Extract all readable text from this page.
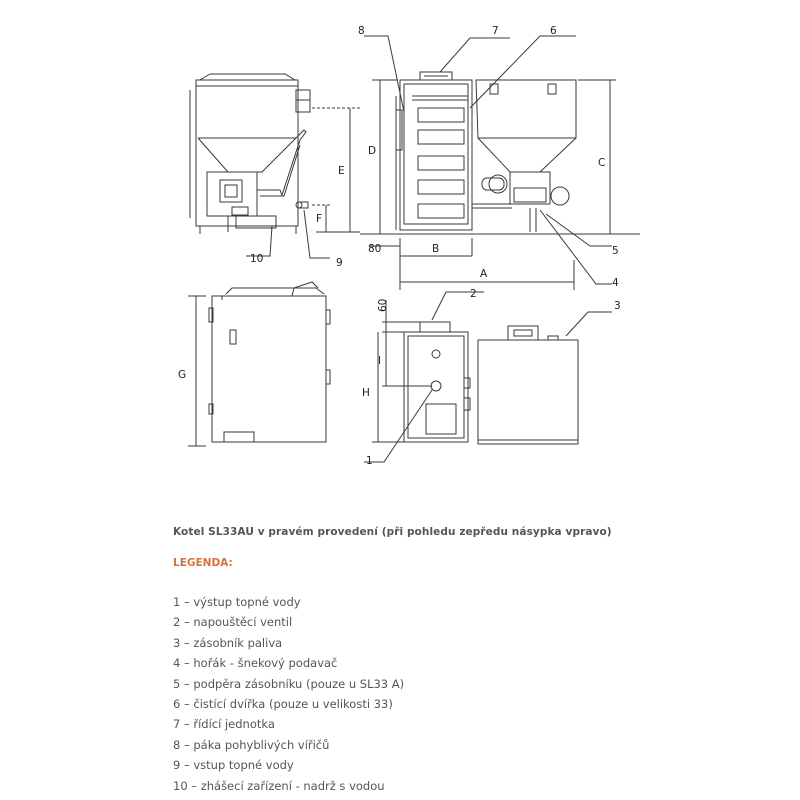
1
2
3
4
5
6
7
8
9
10
A
B
C
D
E
F
G
H
I
60
80
Kotel SL33AU v pravém provedení (při pohledu zepředu násypka vpravo)
LEGENDA:
1 – výstup topné vody
2 – napouštěcí ventil
3 – zásobník paliva
4 – hořák - šnekový podavač
5 – podpěra zásobníku (pouze u SL33 A)
6 – čistící dvířka (pouze u velikosti 33)
7 – řídící jednotka
8 – páka pohyblivých vířičů
9 – vstup topné vody
10 – zhášecí zařízení - nadrž s vodou
